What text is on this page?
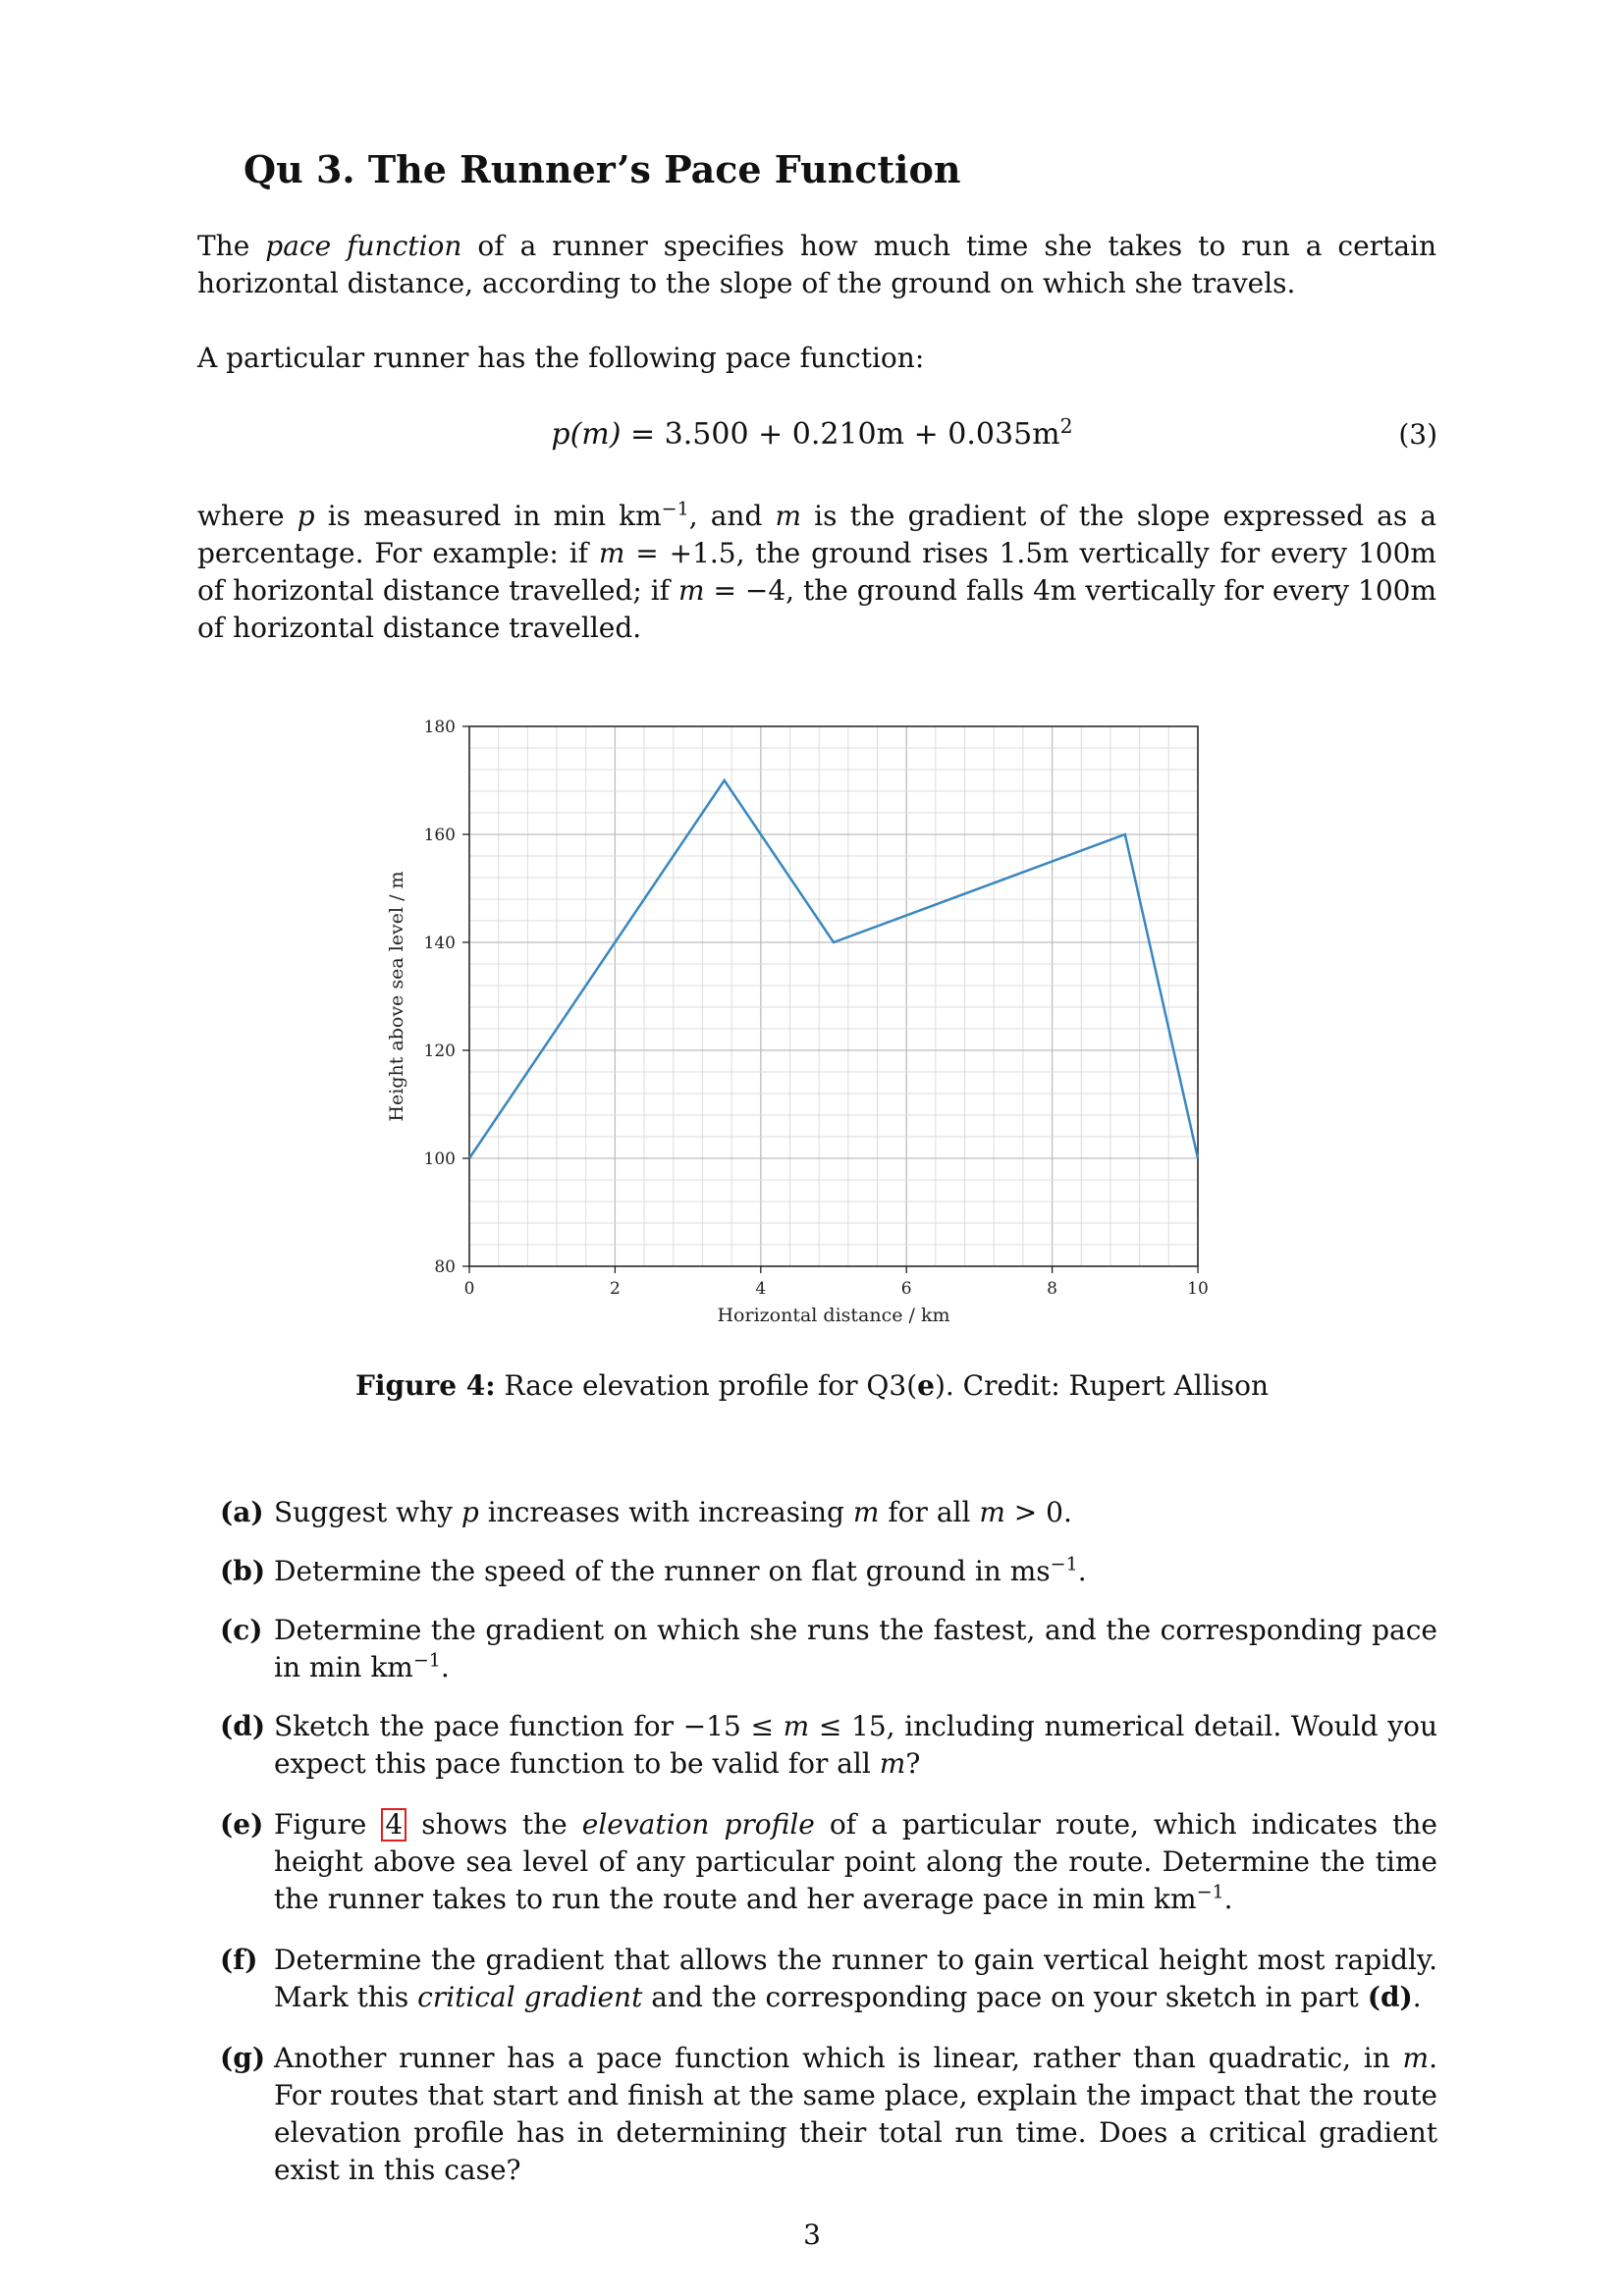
Qu 3. The Runner’s Pace Function
The pace function of a runner specifies how much time she takes to run a certain horizontal distance, according to the slope of the ground on which she travels.
A particular runner has the following pace function:
$p(m) = 3.500 + 0.210m + 0.035m^2$	(3)
where p is measured in $\min km^{-1}$, and m is the gradient of the slope expressed as a percentage. For example: if m = +1.5, the ground rises 1.5m vertically for every 100m of horizontal distance travelled; if m = −4, the ground falls 4m vertically for every 100m of horizontal distance travelled.
0	2	4	6	8	10
80
100
120
140
160
180
Horizontal distance / km
Height above sea level / m
Figure 4: Race elevation profile for Q3(e). Credit: Rupert Allison
(a) Suggest why p increases with increasing m for all m > 0.
(b) Determine the speed of the runner on flat ground in $ms^{-1}$.
(c) Determine the gradient on which she runs the fastest, and the corresponding pace in $\min km^{-1}$.
(d) Sketch the pace function for −15 ≤ m ≤ 15, including numerical detail. Would you expect this pace function to be valid for all m?
(e) Figure 4 shows the elevation profile of a particular route, which indicates the height above sea level of any particular point along the route. Determine the time the runner takes to run the route and her average pace in $\min km^{-1}$.
(f) Determine the gradient that allows the runner to gain vertical height most rapidly. Mark this critical gradient and the corresponding pace on your sketch in part (d).
(g) Another runner has a pace function which is linear, rather than quadratic, in m. For routes that start and finish at the same place, explain the impact that the route elevation profile has in determining their total run time. Does a critical gradient exist in this case?
3
